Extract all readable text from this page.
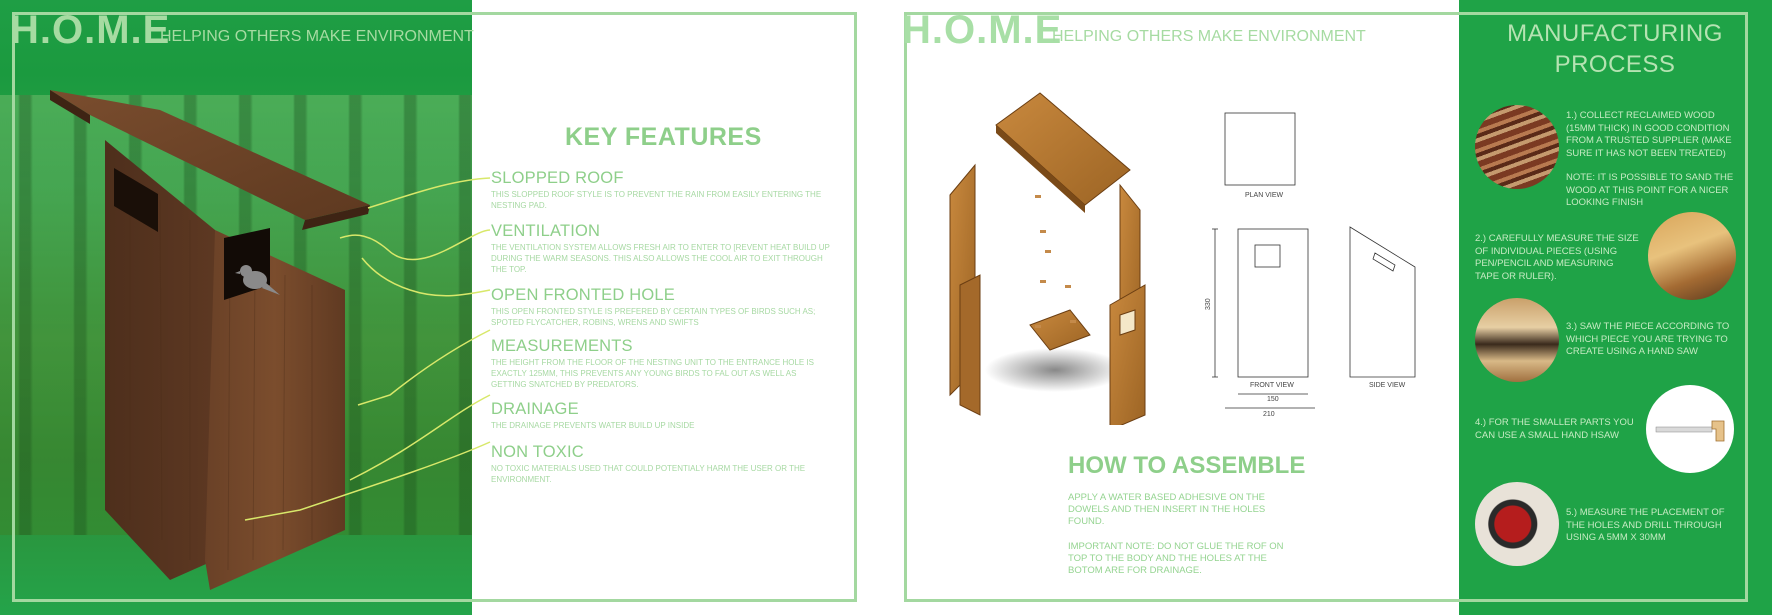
H.O.M.E
HELPING OTHERS MAKE ENVIRONMENT
KEY FEATURES
SLOPPED ROOF

THIS SLOPPED ROOF STYLE IS TO PREVENT THE RAIN FROM EASILY ENTERING THE NESTING PAD.

VENTILATION

THE VENTILATION SYSTEM ALLOWS FRESH AIR TO ENTER TO [REVENT HEAT BUILD UP DURING THE WARM SEASONS. THIS ALSO ALLOWS THE COOL AIR TO EXIT THROUGH THE TOP.

OPEN FRONTED HOLE

THIS OPEN FRONTED STYLE IS PREFERED BY CERTAIN TYPES OF BIRDS SUCH AS; SPOTED FLYCATCHER, ROBINS, WRENS AND SWIFTS

MEASUREMENTS

THE HEIGHT FROM THE FLOOR OF THE NESTING UNIT TO THE ENTRANCE HOLE IS EXACTLY 125MM, THIS PREVENTS ANY YOUNG BIRDS TO FAL OUT AS WELL AS GETTING SNATCHED BY PREDATORS.

DRAINAGE

THE DRAINAGE PREVENTS WATER BUILD UP INSIDE

NON TOXIC

NO TOXIC MATERIALS USED THAT COULD POTENTIALY HARM THE USER OR THE ENVIRONMENT.

H.O.M.E
HELPING OTHERS MAKE ENVIRONMENT
PLAN VIEW
FRONT VIEW	SIDE VIEW
330
150
210
HOW TO ASSEMBLE
APPLY A WATER BASED ADHESIVE ON THE DOWELS AND THEN INSERT IN THE HOLES FOUND.
IMPORTANT NOTE: DO NOT GLUE THE ROF ON TOP TO THE BODY AND THE HOLES AT THE BOTOM ARE FOR DRAINAGE.
MANUFACTURING
PROCESS
1.) COLLECT RECLAIMED WOOD (15MM THICK) IN GOOD CONDITION FROM A TRUSTED SUPPLIER (MAKE SURE IT HAS NOT BEEN TREATED)
NOTE: IT IS POSSIBLE TO SAND THE WOOD AT THIS POINT FOR A NICER LOOKING FINISH
2.) CAREFULLY MEASURE THE SIZE OF INDIVIDUAL PIECES (USING PEN/PENCIL AND MEASURING TAPE OR RULER).
3.) SAW THE PIECE ACCORDING TO WHICH PIECE YOU ARE TRYING TO CREATE USING A HAND SAW
4.) FOR THE SMALLER PARTS YOU CAN USE A SMALL HAND HSAW
5.) MEASURE THE PLACEMENT OF THE HOLES AND DRILL THROUGH USING A 5MM X 30MM
